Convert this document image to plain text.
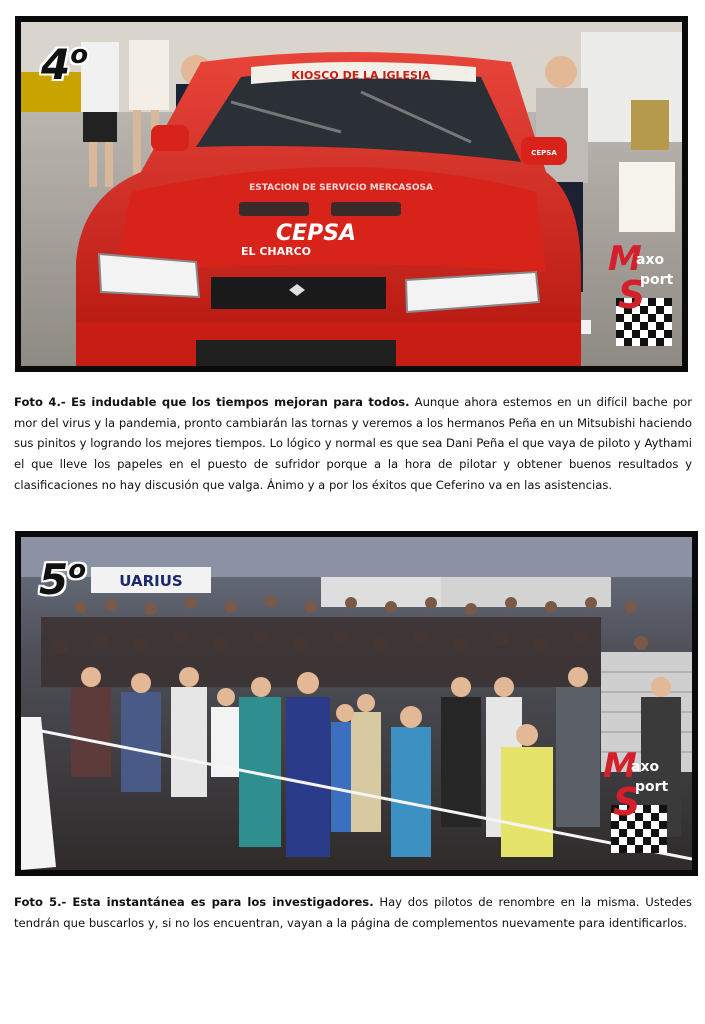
KIOSCO DE LA IGLESIA
ESTACION DE SERVICIO MERCASOSA
CEPSA
EL CHARCO
CEPSA
4$^o$
M
S
axo
port

Foto 4.- Es indudable que los tiempos mejoran para todos. Aunque ahora estemos en un difícil bache por mor del virus y la pandemia, pronto cambiarán las tornas y veremos a los hermanos Peña en un Mitsubishi haciendo sus pinitos y logrando los mejores tiempos. Lo lógico y normal es que sea Dani Peña el que vaya de piloto y Aythami el que lleve los papeles en el puesto de sufridor porque a la hora de pilotar y obtener buenos resultados y clasificaciones no hay discusión que valga. Ánimo y a por los éxitos que Ceferino va en las asistencias.

UARIUS
5$^o$
M
S
axo
port

Foto 5.- Esta instantánea es para los investigadores. Hay dos pilotos de renombre en la misma. Ustedes tendrán que buscarlos y, si no los encuentran, vayan a la página de complementos nuevamente para identificarlos.
